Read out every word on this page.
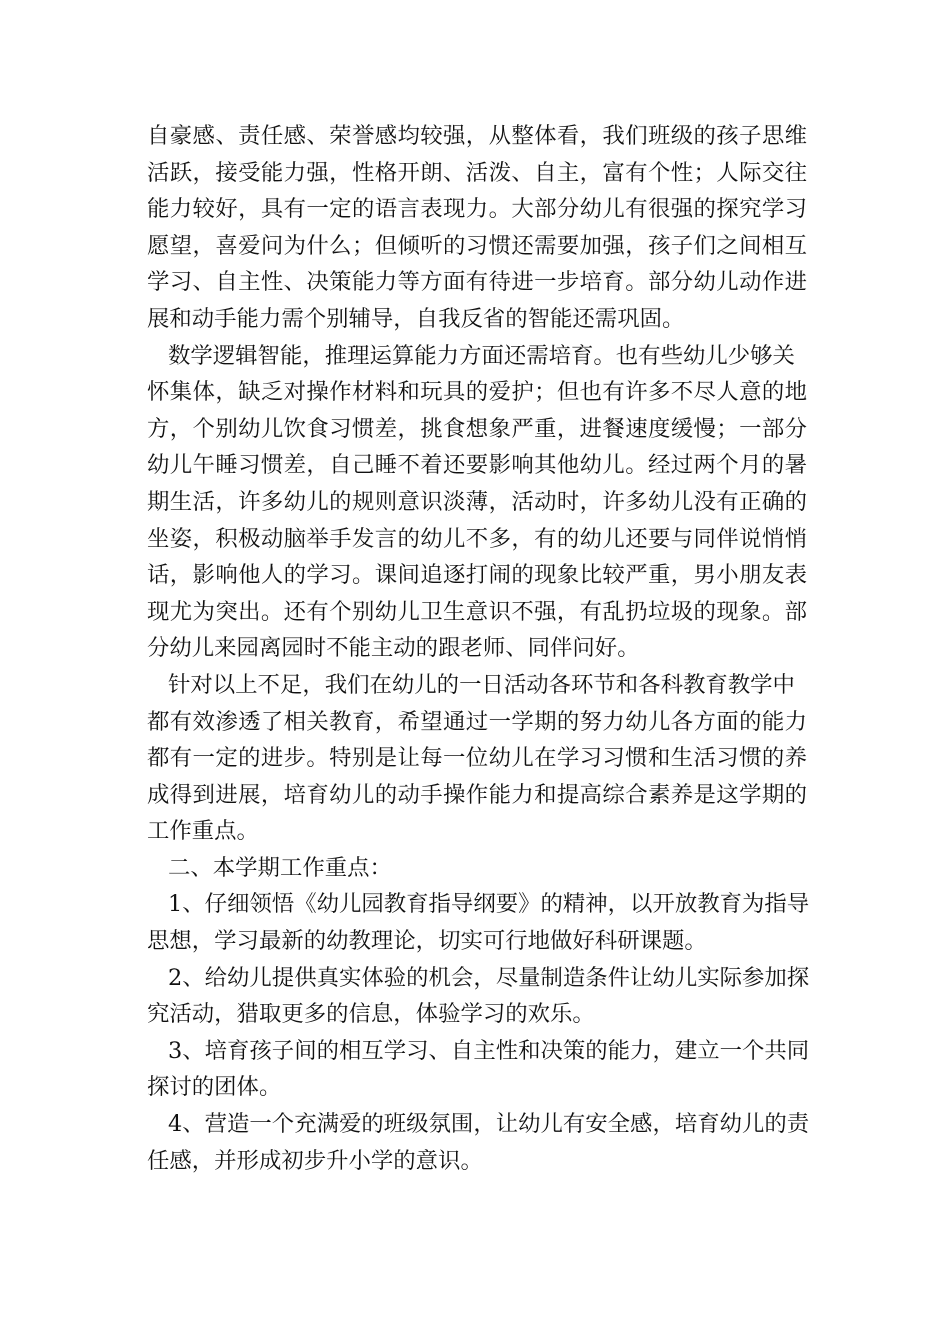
自豪感、责任感、荣誉感均较强，从整体看，我们班级的孩子思维
活跃，接受能力强，性格开朗、活泼、自主，富有个性；人际交往
能力较好，具有一定的语言表现力。大部分幼儿有很强的探究学习
愿望，喜爱问为什么；但倾听的习惯还需要加强，孩子们之间相互
学习、自主性、决策能力等方面有待进一步培育。部分幼儿动作进
展和动手能力需个别辅导，自我反省的智能还需巩固。
数学逻辑智能，推理运算能力方面还需培育。也有些幼儿少够关
怀集体，缺乏对操作材料和玩具的爱护；但也有许多不尽人意的地
方，个别幼儿饮食习惯差，挑食想象严重，进餐速度缓慢；一部分
幼儿午睡习惯差，自己睡不着还要影响其他幼儿。经过两个月的暑
期生活，许多幼儿的规则意识淡薄，活动时，许多幼儿没有正确的
坐姿，积极动脑举手发言的幼儿不多，有的幼儿还要与同伴说悄悄
话，影响他人的学习。课间追逐打闹的现象比较严重，男小朋友表
现尤为突出。还有个别幼儿卫生意识不强，有乱扔垃圾的现象。部
分幼儿来园离园时不能主动的跟老师、同伴问好。
针对以上不足，我们在幼儿的一日活动各环节和各科教育教学中
都有效渗透了相关教育，希望通过一学期的努力幼儿各方面的能力
都有一定的进步。特别是让每一位幼儿在学习习惯和生活习惯的养
成得到进展，培育幼儿的动手操作能力和提高综合素养是这学期的
工作重点。
二、本学期工作重点：
1、仔细领悟《幼儿园教育指导纲要》的精神，以开放教育为指导
思想，学习最新的幼教理论，切实可行地做好科研课题。
2、给幼儿提供真实体验的机会，尽量制造条件让幼儿实际参加探
究活动，猎取更多的信息，体验学习的欢乐。
3、培育孩子间的相互学习、自主性和决策的能力，建立一个共同
探讨的团体。
4、营造一个充满爱的班级氛围，让幼儿有安全感，培育幼儿的责
任感，并形成初步升小学的意识。
